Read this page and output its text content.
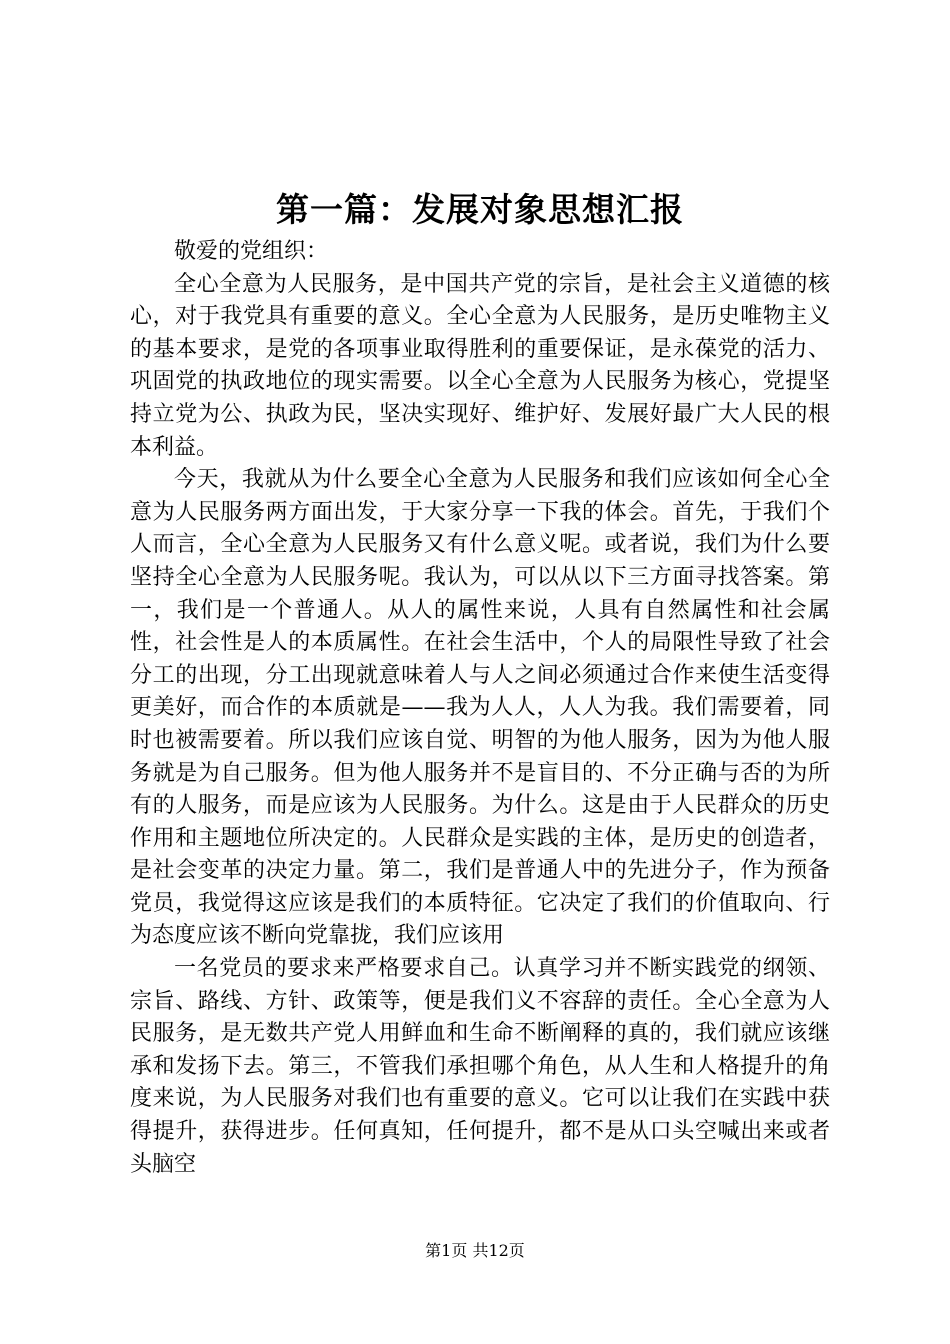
第一篇：发展对象思想汇报

敬爱的党组织：

全心全意为人民服务，是中国共产党的宗旨，是社会主义道德的核心，对于我党具有重要的意义。全心全意为人民服务，是历史唯物主义的基本要求，是党的各项事业取得胜利的重要保证，是永葆党的活力、巩固党的执政地位的现实需要。以全心全意为人民服务为核心，党提坚持立党为公、执政为民，坚决实现好、维护好、发展好最广大人民的根本利益。

今天，我就从为什么要全心全意为人民服务和我们应该如何全心全意为人民服务两方面出发，于大家分享一下我的体会。首先，于我们个人而言，全心全意为人民服务又有什么意义呢。或者说，我们为什么要坚持全心全意为人民服务呢。我认为，可以从以下三方面寻找答案。第一，我们是一个普通人。从人的属性来说，人具有自然属性和社会属性，社会性是人的本质属性。在社会生活中，个人的局限性导致了社会分工的出现，分工出现就意味着人与人之间必须通过合作来使生活变得更美好，而合作的本质就是——我为人人，人人为我。我们需要着，同时也被需要着。所以我们应该自觉、明智的为他人服务，因为为他人服务就是为自己服务。但为他人服务并不是盲目的、不分正确与否的为所有的人服务，而是应该为人民服务。为什么。这是由于人民群众的历史作用和主题地位所决定的。人民群众是实践的主体，是历史的创造者，是社会变革的决定力量。第二，我们是普通人中的先进分子，作为预备党员，我觉得这应该是我们的本质特征。它决定了我们的价值取向、行为态度应该不断向党靠拢，我们应该用

一名党员的要求来严格要求自己。认真学习并不断实践党的纲领、宗旨、路线、方针、政策等，便是我们义不容辞的责任。全心全意为人民服务，是无数共产党人用鲜血和生命不断阐释的真的，我们就应该继承和发扬下去。第三，不管我们承担哪个角色，从人生和人格提升的角度来说，为人民服务对我们也有重要的意义。它可以让我们在实践中获得提升，获得进步。任何真知，任何提升，都不是从口头空喊出来或者头脑空

第1页 共12页
